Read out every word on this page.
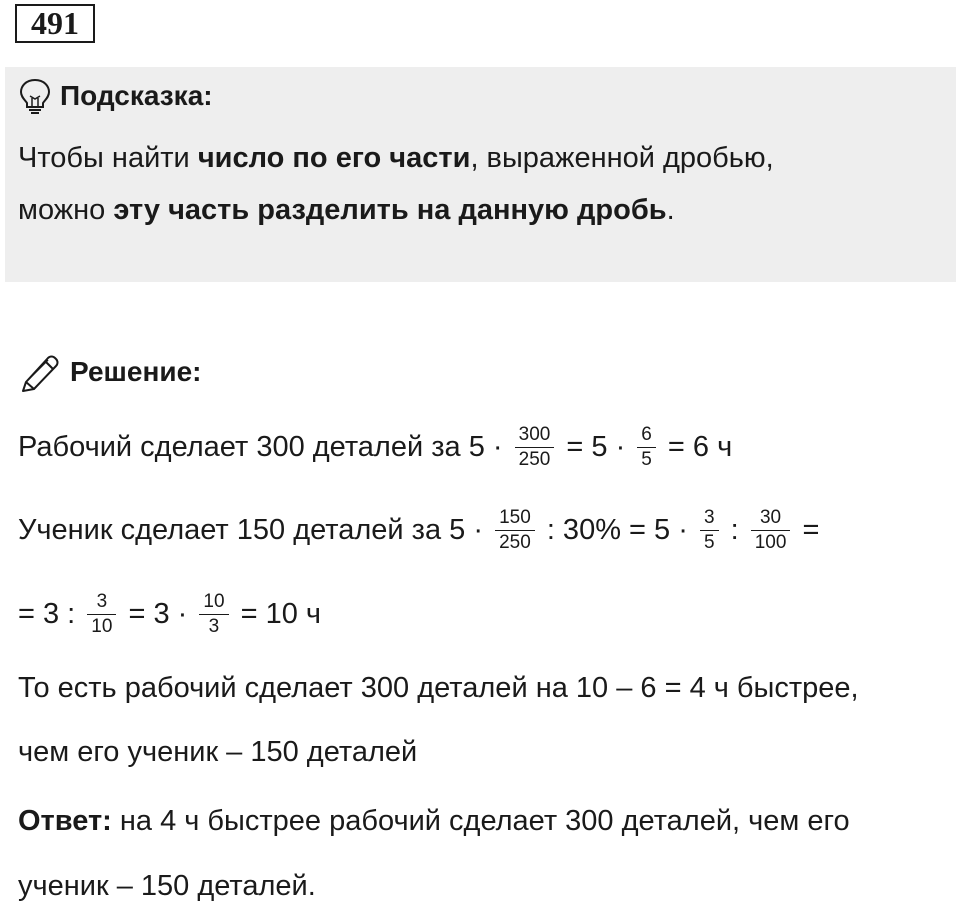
491
Подсказка:
Чтобы найти число по его части , выраженной дробью,
можно эту часть разделить на данную дробь .
Решение:
Рабочий сделает 300 деталей за $5 \cdot \frac{300}{250} = 5 \cdot \frac{6}{5} = 6$ ч
Ученик сделает 150 деталей за $5 \cdot \frac{150}{250}$ : $30\% = 5 \cdot \frac{3}{5}$ : $\frac{30}{100}$ =
= 3 : $\frac{3}{10} = 3 \cdot \frac{10}{3} = 10$ ч
То есть рабочий сделает 300 деталей на 10 – 6 = 4 ч быстрее,
чем его ученик – 150 деталей
Ответ: на 4 ч быстрее рабочий сделает 300 деталей, чем его
ученик – 150 деталей.
